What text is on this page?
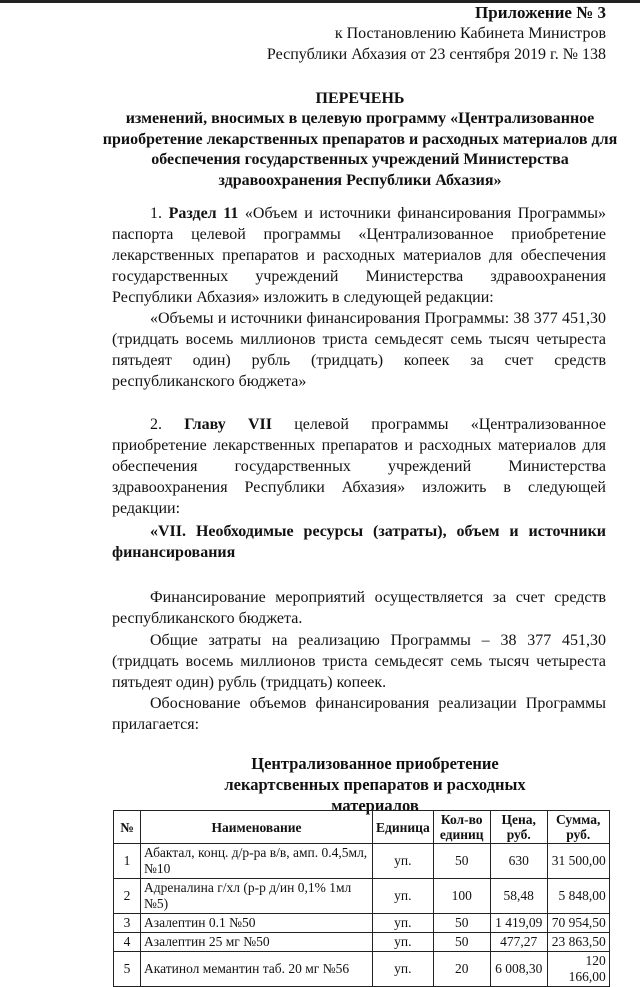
Приложение № 3
к Постановлению Кабинета Министров
Республики Абхазия от 23 сентября 2019 г. № 138
ПЕРЕЧЕНЬ
изменений, вносимых в целевую программу «Централизованное приобретение лекарственных препаратов и расходных материалов для обеспечения государственных учреждений Министерства здравоохранения Республики Абхазия»
1. Раздел 11 «Объем и источники финансирования Программы» паспорта целевой программы «Централизованное приобретение лекарственных препаратов и расходных материалов для обеспечения государственных учреждений Министерства здравоохранения Республики Абхазия» изложить в следующей редакции:
«Объемы и источники финансирования Программы: 38 377 451,30 (тридцать восемь миллионов триста семьдесят семь тысяч четыреста пятьдеят один) рубль (тридцать) копеек за счет средств республиканского бюджета»
2. Главу VII целевой программы «Централизованное приобретение лекарственных препаратов и расходных материалов для обеспечения государственных учреждений Министерства здравоохранения Республики Абхазия» изложить в следующей редакции:
«VII. Необходимые ресурсы (затраты), объем и источники финансирования
Финансирование мероприятий осуществляется за счет средств республиканского бюджета.
Общие затраты на реализацию Программы – 38 377 451,30 (тридцать восемь миллионов триста семьдесят семь тысяч четыреста пятьдеят один) рубль (тридцать) копеек.
Обоснование объемов финансирования реализации Программы прилагается:
Централизованное приобретение лекартсвенных препаратов и расходных материалов
№	Наименование	Единица	Кол-во единиц	Цена, руб.	Сумма, руб.
1	Абактал, конц. д/р-ра в/в, амп. 0.4,5мл, №10	уп.	50	630	31 500,00
2	Адреналина г/хл (р-р д/ин 0,1% 1мл №5)	уп.	100	58,48	5 848,00
3	Азалептин 0.1 №50	уп.	50	1 419,09	70 954,50
4	Азалептин 25 мг №50	уп.	50	477,27	23 863,50
5	Акатинол мемантин таб. 20 мг №56	уп.	20	6 008,30	120 166,00
